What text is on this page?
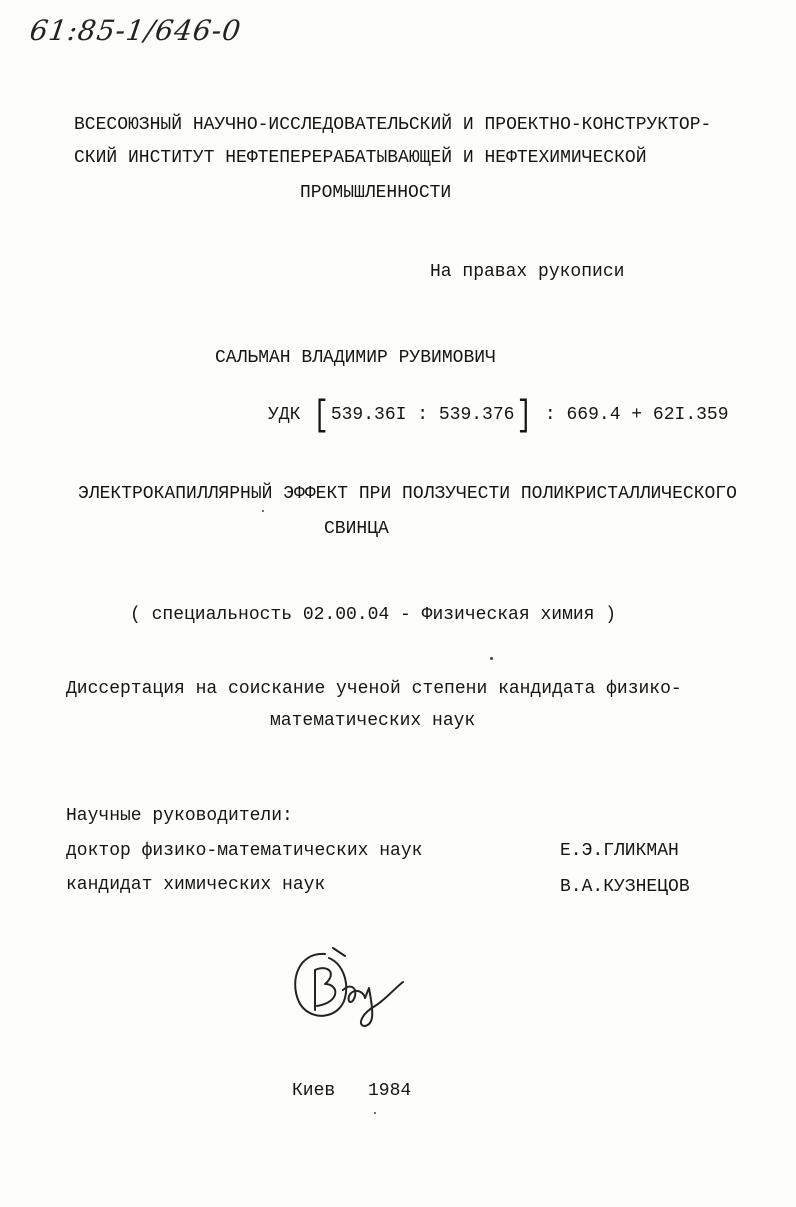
61:85-1/646-0
ВСЕСОЮЗНЫЙ НАУЧНО-ИССЛЕДОВАТЕЛЬСКИЙ И ПРОЕКТНО-КОНСТРУКТОР-
СКИЙ ИНСТИТУТ НЕФТЕПЕРЕРАБАТЫВАЮЩЕЙ И НЕФТЕХИМИЧЕСКОЙ
ПРОМЫШЛЕННОСТИ
На правах рукописи
САЛЬМАН ВЛАДИМИР РУВИМОВИЧ
УДК [ 539.36I : 539.376] : 669.4 + 62I.359
ЭЛЕКТРОКАПИЛЛЯРНЫЙ ЭФФЕКТ ПРИ ПОЛЗУЧЕСТИ ПОЛИКРИСТАЛЛИЧЕСКОГО
СВИНЦА
( специальность 02.00.04 - Физическая химия )
Диссертация на соискание ученой степени кандидата физико-
математических наук
Научные руководители:
доктор физико-математических наук	Е.Э.ГЛИКМАН
кандидат химических наук	В.А.КУЗНЕЦОВ
Киев 1984
